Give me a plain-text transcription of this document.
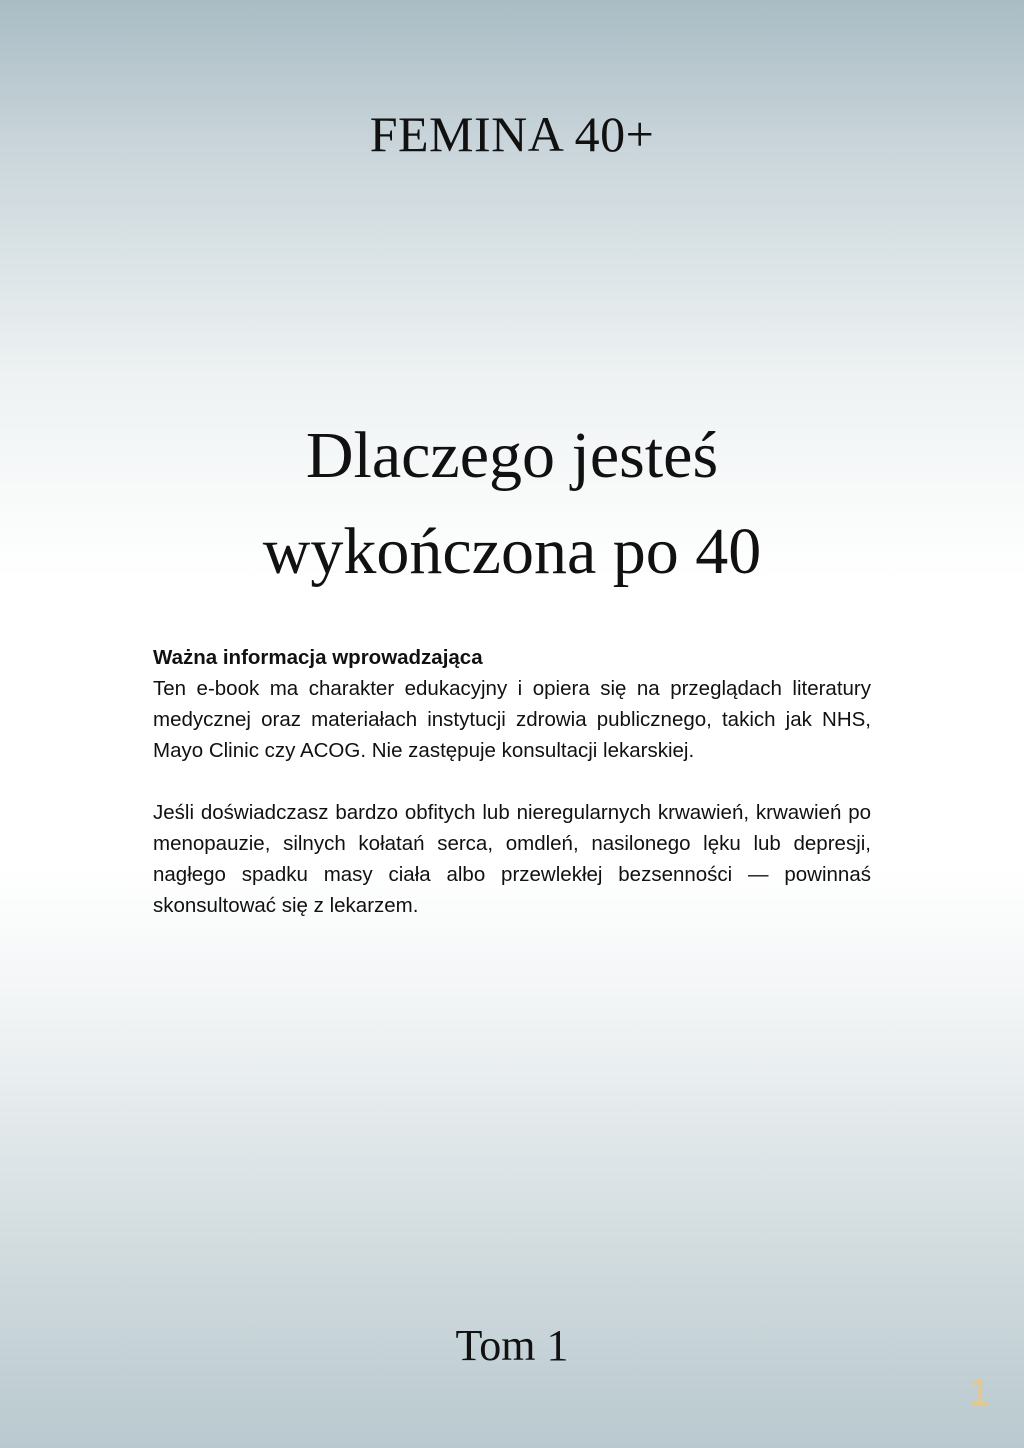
FEMINA 40+
Dlaczego jesteś
wykończona po 40

Ważna informacja wprowadzająca
Ten e-book ma charakter edukacyjny i opiera się na przeglądach literatury medycznej oraz materiałach instytucji zdrowia publicznego, takich jak NHS, Mayo Clinic czy ACOG. Nie zastępuje konsultacji lekarskiej.

Jeśli doświadczasz bardzo obfitych lub nieregularnych krwawień, krwawień po menopauzie, silnych kołatań serca, omdleń, nasilonego lęku lub depresji, nagłego spadku masy ciała albo przewlekłej bezsenności — powinnaś skonsultować się z lekarzem.

Tom 1
1
